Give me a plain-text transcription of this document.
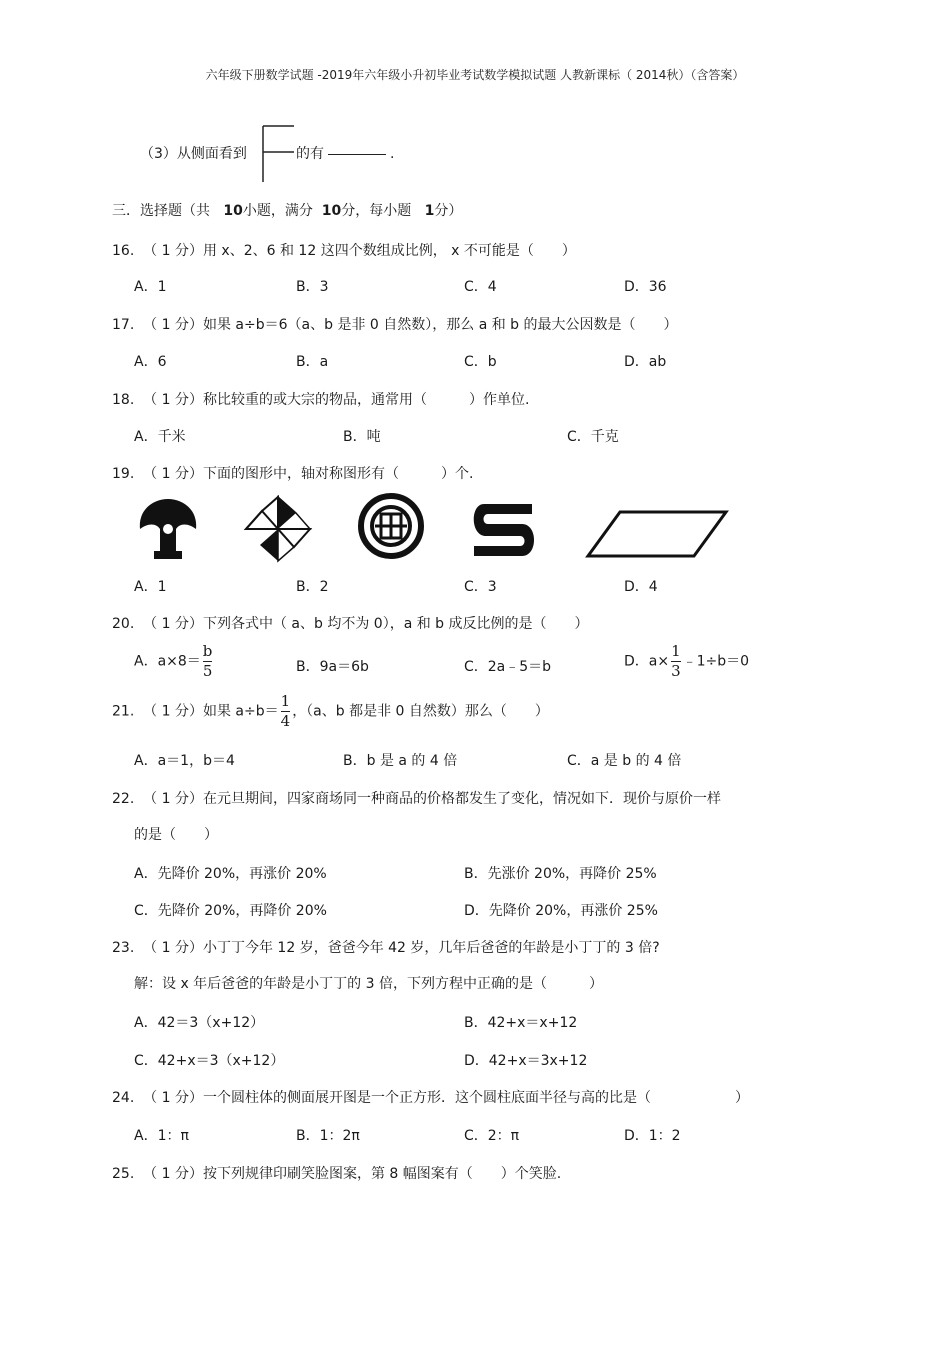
六年级下册数学试题 -2019年六年级小升初毕业考试数学模拟试题 人教新课标（ 2014秋）（含答案）
（3）从侧面看到	的有	.
三．选择题（共 10小题，满分 10分，每小题 1分）
16. （ 1 分）用 x、2、6 和 12 这四个数组成比例， x 不可能是（　　）
A．1	B．3	C．4	D．36
17. （ 1 分）如果 a÷b＝6（a、b 是非 0 自然数），那么 a 和 b 的最大公因数是（　　）
A．6	B．a	C．b	D．ab
18. （ 1 分）称比较重的或大宗的物品，通常用（　　　）作单位.
A．千米	B．吨	C．千克
19. （ 1 分）下面的图形中，轴对称图形有（　　　）个.
A．1	B．2	C．3	D．4
20. （ 1 分）下列各式中（ a、b 均不为 0），a 和 b 成反比例的是（　　）
A．$a\times 8= \frac{b}{5}$	B．9a＝6b	C．2a﹣5＝b	D．$a\times \frac{1}{3}$ ﹣1÷b＝0
21. （ 1 分）如果 $a\div b= \frac{1}{4}$ ，（a、b 都是非 0 自然数）那么（　　）
A．a＝1，b＝4	B．b 是 a 的 4 倍	C．a 是 b 的 4 倍
22. （ 1 分）在元旦期间，四家商场同一种商品的价格都发生了变化，情况如下．现价与原价一样
的是（　　）
A．先降价 20%，再涨价 20%	B．先涨价 20%，再降价 25%
C．先降价 20%，再降价 20%	D．先降价 20%，再涨价 25%
23. （ 1 分）小丁丁今年 12 岁，爸爸今年 42 岁，几年后爸爸的年龄是小丁丁的 3 倍?
解：设 x 年后爸爸的年龄是小丁丁的 3 倍，下列方程中正确的是（　　　）
A．42＝3（x+12）	B．42+x＝x+12
C．42+x＝3（x+12）	D．42+x＝3x+12
24. （ 1 分）一个圆柱体的侧面展开图是一个正方形．这个圆柱底面半径与高的比是（　　　　　　）
A．1：π	B．1：2π	C．2：π	D．1：2
25. （ 1 分）按下列规律印刷笑脸图案，第 8 幅图案有（　　）个笑脸.
